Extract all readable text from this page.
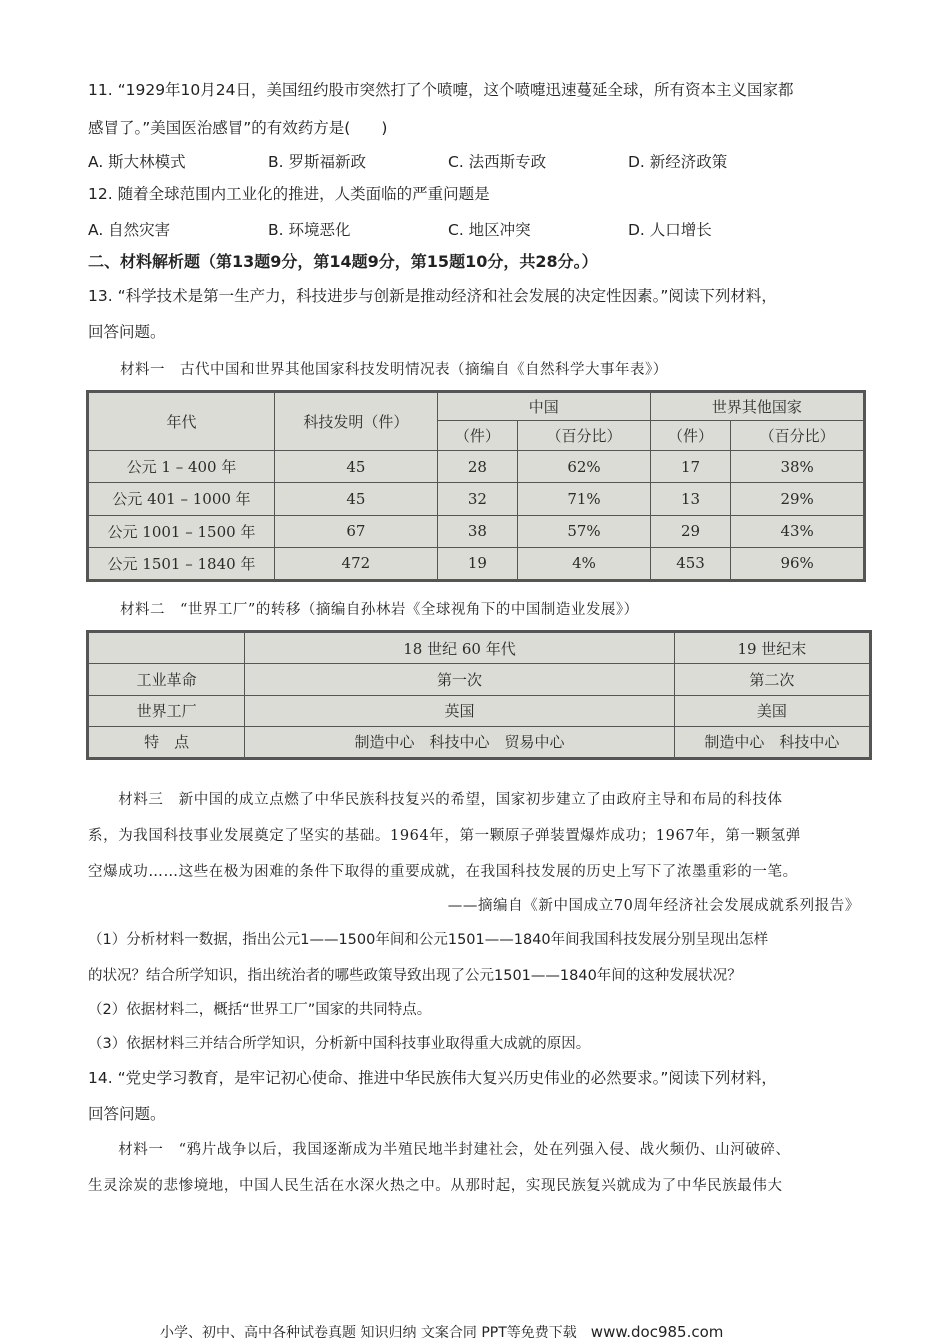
11. “1929年10月24日，美国纽约股市突然打了个喷嚏，这个喷嚏迅速蔓延全球，所有资本主义国家都
感冒了。”美国医治感冒”的有效药方是(　　)
A. 斯大林模式	B. 罗斯福新政	C. 法西斯专政	D. 新经济政策
12. 随着全球范围内工业化的推进，人类面临的严重问题是
A. 自然灾害	B. 环境恶化	C. 地区冲突	D. 人口增长
二、材料解析题（第13题9分，第14题9分，第15题10分，共28分。）
13. “科学技术是第一生产力，科技进步与创新是推动经济和社会发展的决定性因素。”阅读下列材料，
回答问题。
材料一　古代中国和世界其他国家科技发明情况表（摘编自《自然科学大事年表》）
年代	科技发明（件）	中国		世界其他国家	
		（件）	（百分比）	（件）	（百分比）
公元 1 – 400 年	45	28	62%	17	38%
公元 401 – 1000 年	45	32	71%	13	29%
公元 1001 – 1500 年	67	38	57%	29	43%
公元 1501 – 1840 年	472	19	4%	453	96%
材料二　“世界工厂”的转移（摘编自孙林岩《全球视角下的中国制造业发展》）
	18 世纪 60 年代	19 世纪末
工业革命	第一次	第二次
世界工厂	英国	美国
特　点	制造中心　科技中心　贸易中心	制造中心　科技中心
　　材料三　新中国的成立点燃了中华民族科技复兴的希望，国家初步建立了由政府主导和布局的科技体
系，为我国科技事业发展奠定了坚实的基础。1964年，第一颗原子弹装置爆炸成功；1967年，第一颗氢弹
空爆成功……这些在极为困难的条件下取得的重要成就，在我国科技发展的历史上写下了浓墨重彩的一笔。
——摘编自《新中国成立70周年经济社会发展成就系列报告》
（1）分析材料一数据，指出公元1——1500年间和公元1501——1840年间我国科技发展分别呈现出怎样
的状况？结合所学知识，指出统治者的哪些政策导致出现了公元1501——1840年间的这种发展状况？
（2）依据材料二，概括“世界工厂”国家的共同特点。
（3）依据材料三并结合所学知识，分析新中国科技事业取得重大成就的原因。
14. “党史学习教育，是牢记初心使命、推进中华民族伟大复兴历史伟业的必然要求。”阅读下列材料，
回答问题。
　　材料一　“鸦片战争以后，我国逐渐成为半殖民地半封建社会，处在列强入侵、战火频仍、山河破碎、
生灵涂炭的悲惨境地，中国人民生活在水深火热之中。从那时起，实现民族复兴就成为了中华民族最伟大
小学、初中、高中各种试卷真题 知识归纳 文案合同 PPT等免费下载 www.doc985.com
